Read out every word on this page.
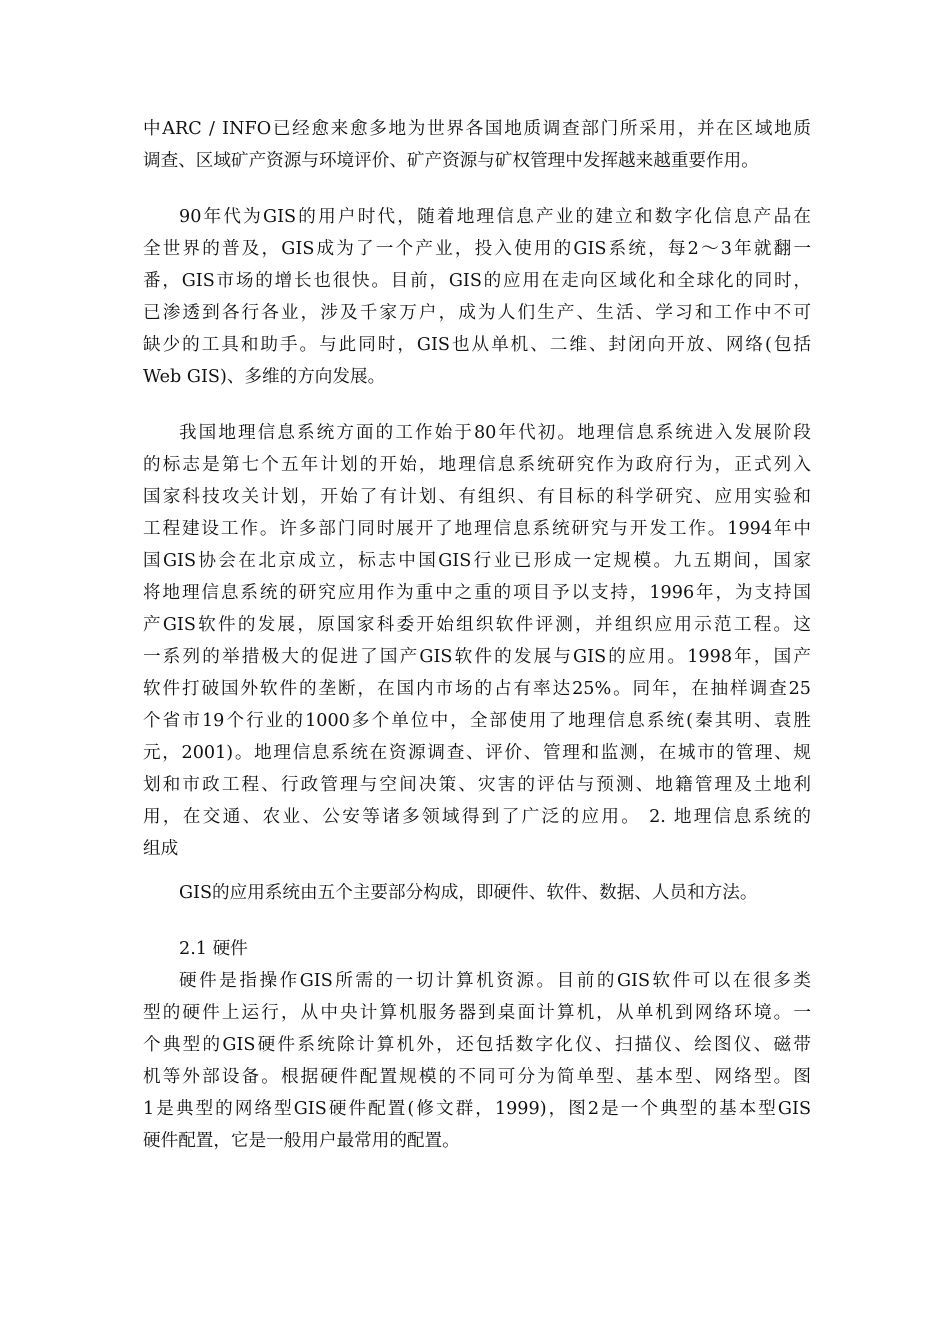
中ARC / INFO已经愈来愈多地为世界各国地质调查部门所采用，并在区域地质
调查、区域矿产资源与环境评价、矿产资源与矿权管理中发挥越来越重要作用。
90年代为GIS的用户时代，随着地理信息产业的建立和数字化信息产品在
全世界的普及，GIS成为了一个产业，投入使用的GIS系统，每2～3年就翻一
番，GIS市场的增长也很快。目前，GIS的应用在走向区域化和全球化的同时，
已渗透到各行各业，涉及千家万户，成为人们生产、生活、学习和工作中不可
缺少的工具和助手。与此同时，GIS也从单机、二维、封闭向开放、网络(包括
Web GIS)、多维的方向发展。
我国地理信息系统方面的工作始于80年代初。地理信息系统进入发展阶段
的标志是第七个五年计划的开始，地理信息系统研究作为政府行为，正式列入
国家科技攻关计划，开始了有计划、有组织、有目标的科学研究、应用实验和
工程建设工作。许多部门同时展开了地理信息系统研究与开发工作。1994年中
国GIS协会在北京成立，标志中国GIS行业已形成一定规模。九五期间，国家
将地理信息系统的研究应用作为重中之重的项目予以支持，1996年，为支持国
产GIS软件的发展，原国家科委开始组织软件评测，并组织应用示范工程。这
一系列的举措极大的促进了国产GIS软件的发展与GIS的应用。1998年，国产
软件打破国外软件的垄断，在国内市场的占有率达25%。同年，在抽样调查25
个省市19个行业的1000多个单位中，全部使用了地理信息系统(秦其明、袁胜
元，2001)。地理信息系统在资源调查、评价、管理和监测，在城市的管理、规
划和市政工程、行政管理与空间决策、灾害的评估与预测、地籍管理及土地利
用，在交通、农业、公安等诸多领域得到了广泛的应用。 2. 地理信息系统的
组成
GIS的应用系统由五个主要部分构成，即硬件、软件、数据、人员和方法。
2.1 硬件
硬件是指操作GIS所需的一切计算机资源。目前的GIS软件可以在很多类
型的硬件上运行，从中央计算机服务器到桌面计算机，从单机到网络环境。一
个典型的GIS硬件系统除计算机外，还包括数字化仪、扫描仪、绘图仪、磁带
机等外部设备。根据硬件配置规模的不同可分为简单型、基本型、网络型。图
1是典型的网络型GIS硬件配置(修文群，1999)，图2是一个典型的基本型GIS
硬件配置，它是一般用户最常用的配置。
